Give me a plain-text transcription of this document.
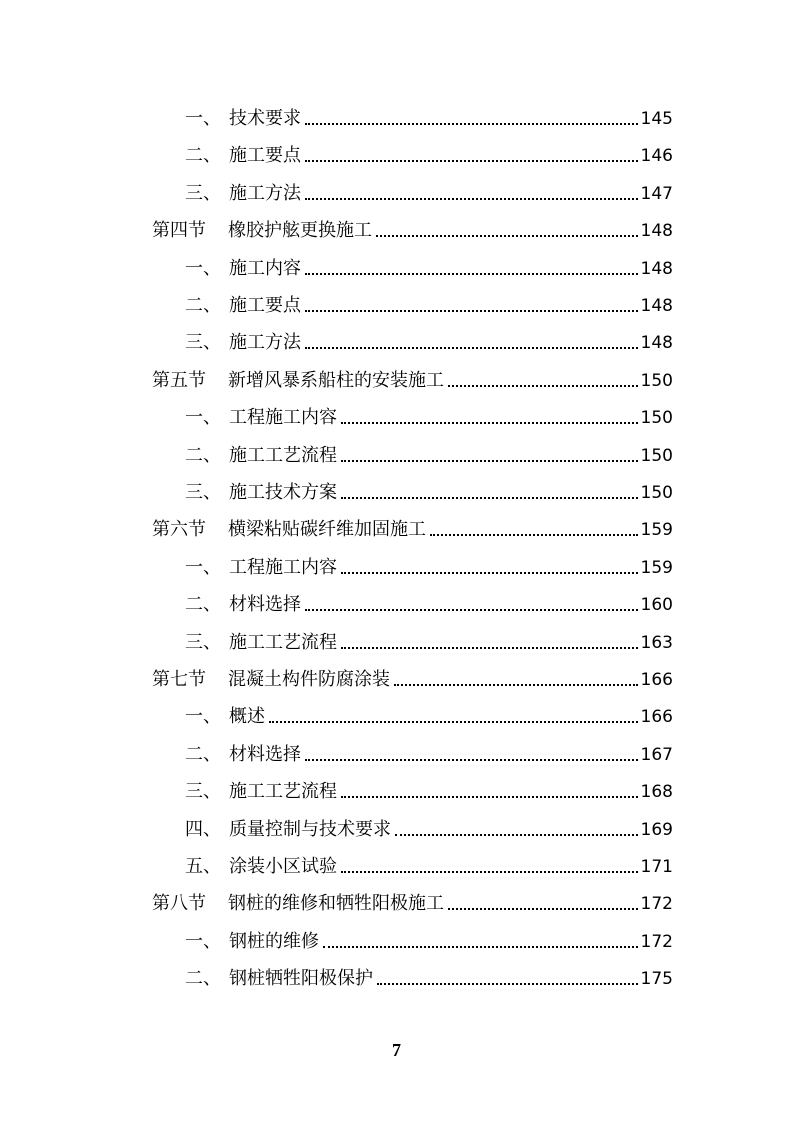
一、 技术要求	145
二、 施工要点	146
三、 施工方法	147
第四节	橡胶护舷更换施工	148
一、 施工内容	148
二、 施工要点	148
三、 施工方法	148
第五节	新增风暴系船柱的安装施工	150
一、 工程施工内容	150
二、 施工工艺流程	150
三、 施工技术方案	150
第六节	横梁粘贴碳纤维加固施工	159
一、 工程施工内容	159
二、 材料选择	160
三、 施工工艺流程	163
第七节	混凝土构件防腐涂装	166
一、 概述	166
二、 材料选择	167
三、 施工工艺流程	168
四、 质量控制与技术要求	169
五、 涂装小区试验	171
第八节	钢桩的维修和牺牲阳极施工	172
一、 钢桩的维修	172
二、 钢桩牺牲阳极保护	175
7
